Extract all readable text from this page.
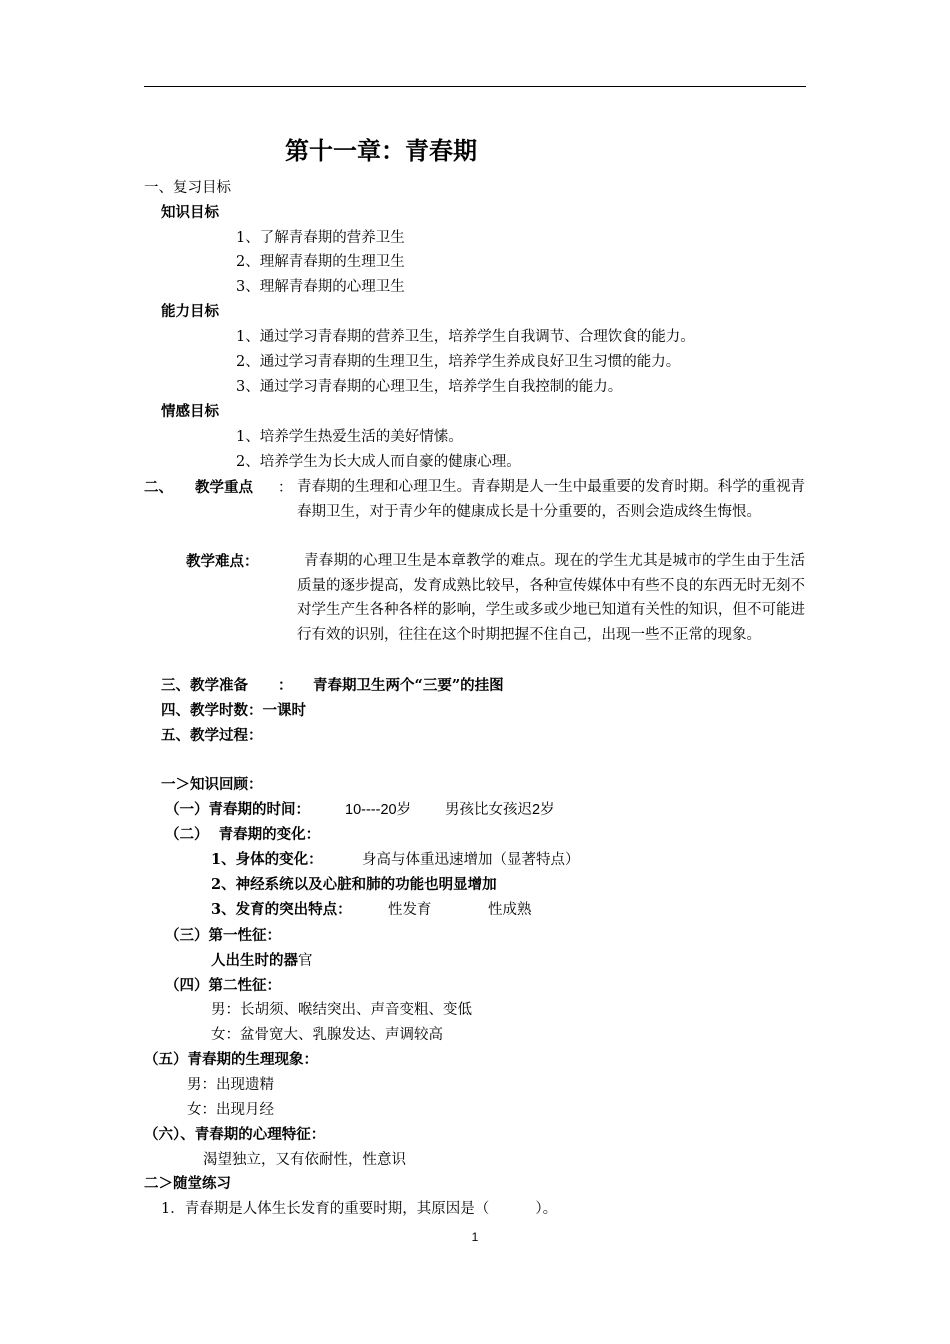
第十一章：青春期
一、复习目标
知识目标
1、了解青春期的营养卫生
2、理解青春期的生理卫生
3、理解青春期的心理卫生
能力目标
1、通过学习青春期的营养卫生，培养学生自我调节、合理饮食的能力。
2、通过学习青春期的生理卫生，培养学生养成良好卫生习惯的能力。
3、通过学习青春期的心理卫生，培养学生自我控制的能力。
情感目标
1、培养学生热爱生活的美好情愫。
2、培养学生为长大成人而自豪的健康心理。
二、 教学重点 ： 青春期的生理和心理卫生。青春期是人一生中最重要的发育时期。科学的重视青春期卫生，对于青少年的健康成长是十分重要的，否则会造成终生悔恨。
教学难点：	青春期的心理卫生是本章教学的难点。现在的学生尤其是城市的学生由于生活质量的逐步提高，发育成熟比较早，各种宣传媒体中有些不良的东西无时无刻不对学生产生各种各样的影响，学生或多或少地已知道有关性的知识，但不可能进行有效的识别，往往在这个时期把握不住自己，出现一些不正常的现象。
三、教学准备 ： 青春期卫生两个“三要”的挂图
四、教学时数：一课时
五、教学过程：
一＞知识回顾：
（一）青春期的时间： 10----20岁 男孩比女孩迟2岁
（二）  青春期的变化：
1、身体的变化：	身高与体重迅速增加（显著特点）
2、神经系统以及心脏和肺的功能也明显增加
3、发育的突出特点：	性发育	性成熟
（三）第一性征：
人出生时的器官
（四）第二性征：
男：长胡须、喉结突出、声音变粗、变低
女：盆骨宽大、乳腺发达、声调较高
（五）青春期的生理现象：
男：出现遗精
女：出现月经
（六）、青春期的心理特征：
渴望独立，又有依耐性，性意识
二＞随堂练习
1．青春期是人体生长发育的重要时期，其原因是（          ）。
1
